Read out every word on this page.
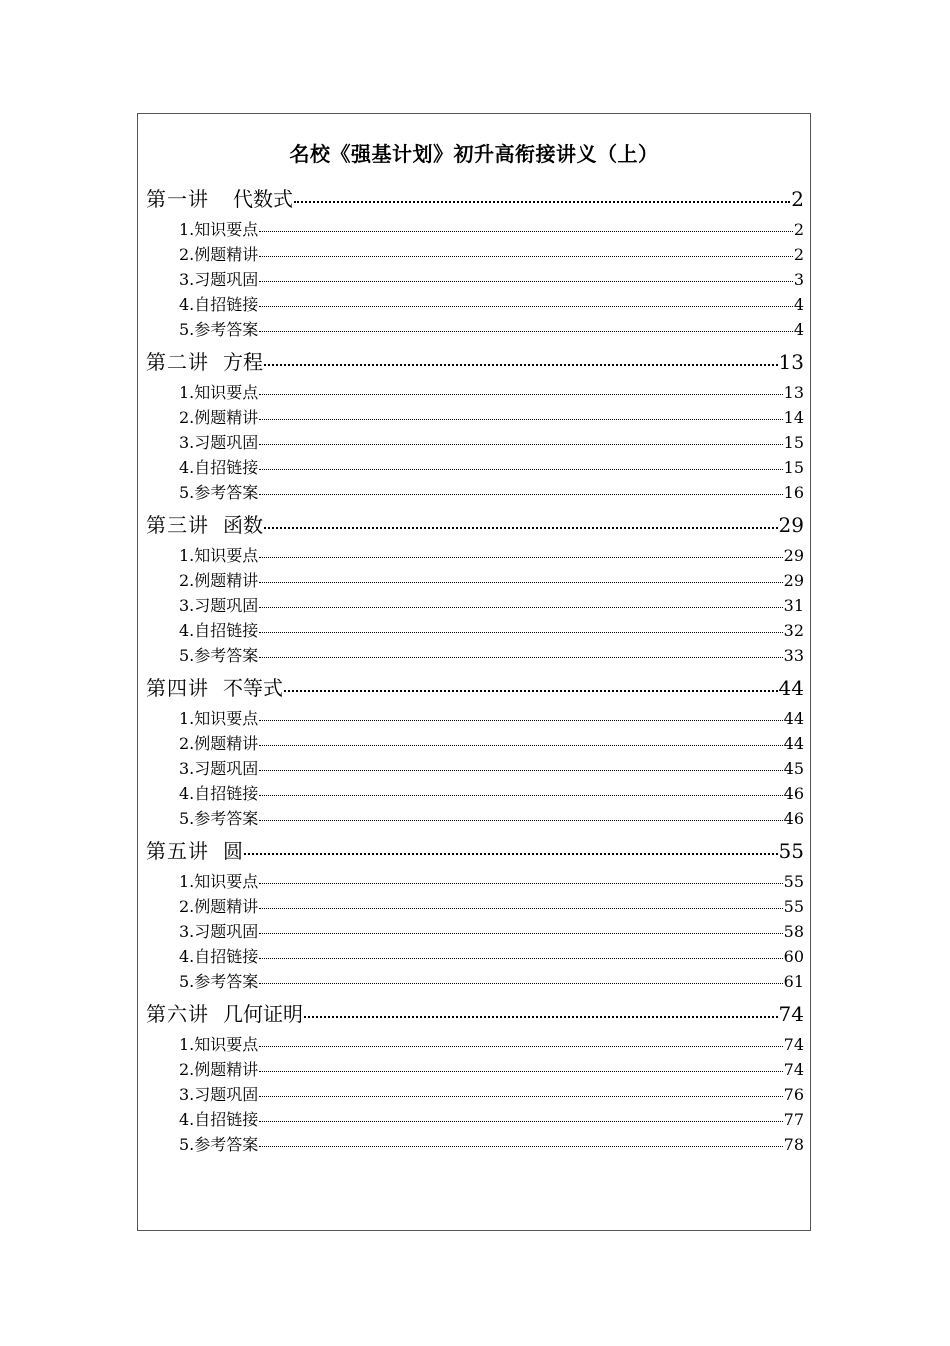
名校《强基计划》初升高衔接讲义（上）
第一讲 代数式	2
1.知识要点	2
2.例题精讲	2
3.习题巩固	3
4.自招链接	4
5.参考答案	4
第二讲 方程	13
1.知识要点	13
2.例题精讲	14
3.习题巩固	15
4.自招链接	15
5.参考答案	16
第三讲 函数	29
1.知识要点	29
2.例题精讲	29
3.习题巩固	31
4.自招链接	32
5.参考答案	33
第四讲 不等式	44
1.知识要点	44
2.例题精讲	44
3.习题巩固	45
4.自招链接	46
5.参考答案	46
第五讲 圆	55
1.知识要点	55
2.例题精讲	55
3.习题巩固	58
4.自招链接	60
5.参考答案	61
第六讲 几何证明	74
1.知识要点	74
2.例题精讲	74
3.习题巩固	76
4.自招链接	77
5.参考答案	78
